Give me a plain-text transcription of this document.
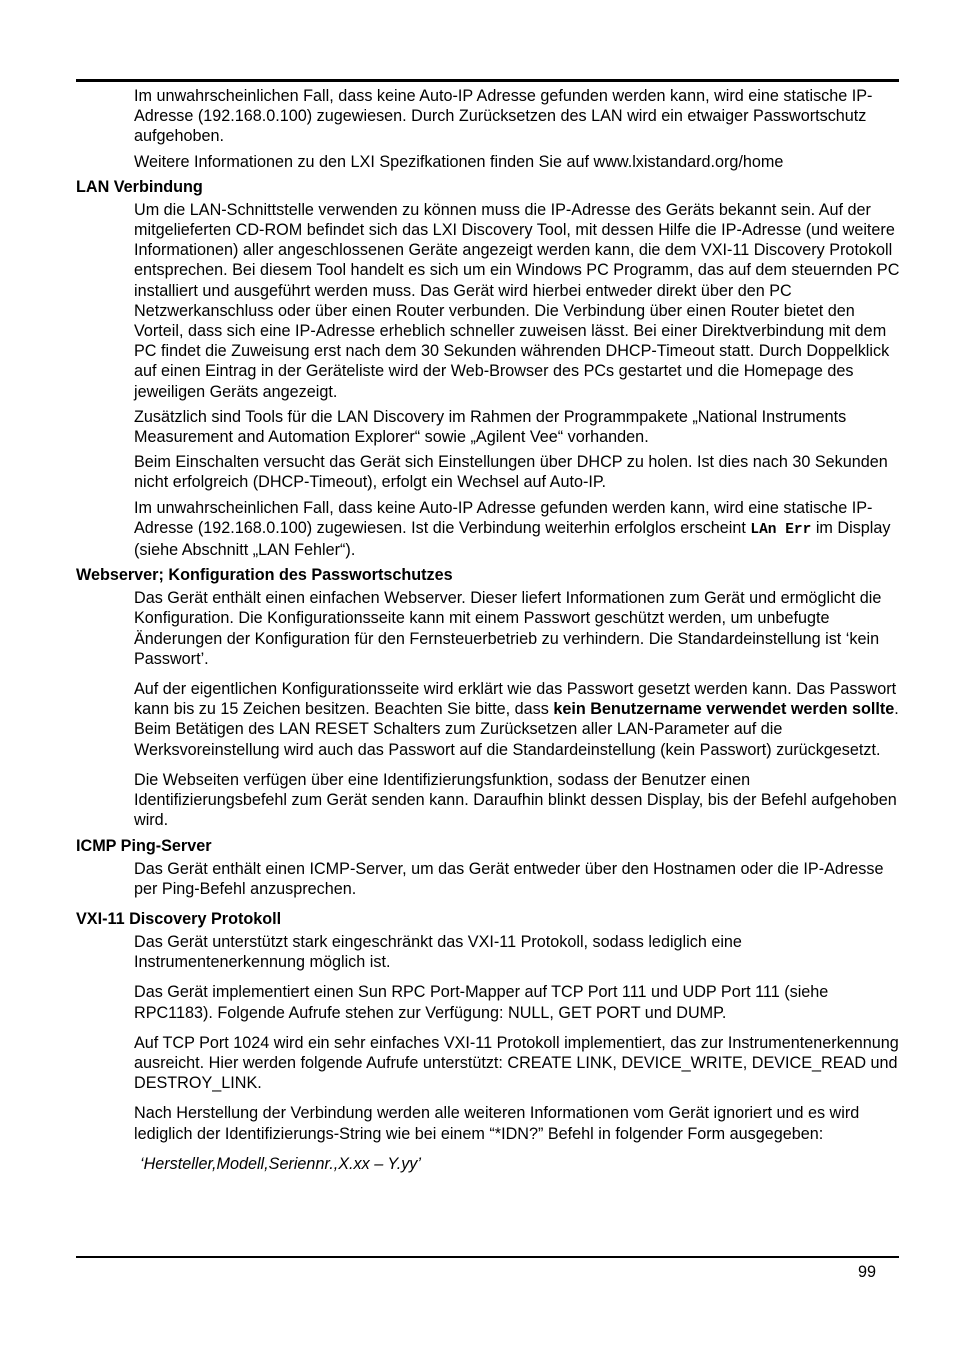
Im unwahrscheinlichen Fall, dass keine Auto-IP Adresse gefunden werden kann, wird eine statische IP-Adresse (192.168.0.100) zugewiesen. Durch Zurücksetzen des LAN wird ein etwaiger Passwortschutz aufgehoben.

Weitere Informationen zu den LXI Spezifkationen finden Sie auf www.lxistandard.org/home

LAN Verbindung

Um die LAN-Schnittstelle verwenden zu können muss die IP-Adresse des Geräts bekannt sein. Auf der mitgelieferten CD-ROM befindet sich das LXI Discovery Tool, mit dessen Hilfe die IP-Adresse (und weitere Informationen) aller angeschlossenen Geräte angezeigt werden kann, die dem VXI-11 Discovery Protokoll entsprechen. Bei diesem Tool handelt es sich um ein Windows PC Programm, das auf dem steuernden PC installiert und ausgeführt werden muss. Das Gerät wird hierbei entweder direkt über den PC Netzwerkanschluss oder über einen Router verbunden. Die Verbindung über einen Router bietet den Vorteil, dass sich eine IP-Adresse erheblich schneller zuweisen lässt. Bei einer Direktverbindung mit dem PC findet die Zuweisung erst nach dem 30 Sekunden währenden DHCP-Timeout statt. Durch Doppelklick auf einen Eintrag in der Geräteliste wird der Web-Browser des PCs gestartet und die Homepage des jeweiligen Geräts angezeigt.

Zusätzlich sind Tools für die LAN Discovery im Rahmen der Programmpakete „National Instruments Measurement and Automation Explorer“ sowie „Agilent Vee“ vorhanden.

Beim Einschalten versucht das Gerät sich Einstellungen über DHCP zu holen. Ist dies nach 30 Sekunden nicht erfolgreich (DHCP-Timeout), erfolgt ein Wechsel auf Auto-IP.

Im unwahrscheinlichen Fall, dass keine Auto-IP Adresse gefunden werden kann, wird eine statische IP-Adresse (192.168.0.100) zugewiesen. Ist die Verbindung weiterhin erfolglos erscheint LAn Err im Display (siehe Abschnitt „LAN Fehler“).

Webserver; Konfiguration des Passwortschutzes

Das Gerät enthält einen einfachen Webserver. Dieser liefert Informationen zum Gerät und ermöglicht die Konfiguration. Die Konfigurationsseite kann mit einem Passwort geschützt werden, um unbefugte Änderungen der Konfiguration für den Fernsteuerbetrieb zu verhindern. Die Standardeinstellung ist ‘kein Passwort’.

Auf der eigentlichen Konfigurationsseite wird erklärt wie das Passwort gesetzt werden kann. Das Passwort kann bis zu 15 Zeichen besitzen. Beachten Sie bitte, dass kein Benutzername verwendet werden sollte. Beim Betätigen des LAN RESET Schalters zum Zurücksetzen aller LAN-Parameter auf die Werksvoreinstellung wird auch das Passwort auf die Standardeinstellung (kein Passwort) zurückgesetzt.

Die Webseiten verfügen über eine Identifizierungsfunktion, sodass der Benutzer einen Identifizierungsbefehl zum Gerät senden kann. Daraufhin blinkt dessen Display, bis der Befehl aufgehoben wird.

ICMP Ping-Server

Das Gerät enthält einen ICMP-Server, um das Gerät entweder über den Hostnamen oder die IP-Adresse per Ping-Befehl anzusprechen.

VXI-11 Discovery Protokoll

Das Gerät unterstützt stark eingeschränkt das VXI-11 Protokoll, sodass lediglich eine Instrumentenerkennung möglich ist.

Das Gerät implementiert einen Sun RPC Port-Mapper auf TCP Port 111 und UDP Port 111 (siehe RPC1183). Folgende Aufrufe stehen zur Verfügung: NULL, GET PORT und DUMP.

Auf TCP Port 1024 wird ein sehr einfaches VXI-11 Protokoll implementiert, das zur Instrumentenerkennung ausreicht. Hier werden folgende Aufrufe unterstützt: CREATE LINK, DEVICE_WRITE, DEVICE_READ und DESTROY_LINK.

Nach Herstellung der Verbindung werden alle weiteren Informationen vom Gerät ignoriert und es wird lediglich der Identifizierungs-String wie bei einem “*IDN?” Befehl in folgender Form ausgegeben:

‘Hersteller,Modell,Seriennr.,X.xx – Y.yy’

99
